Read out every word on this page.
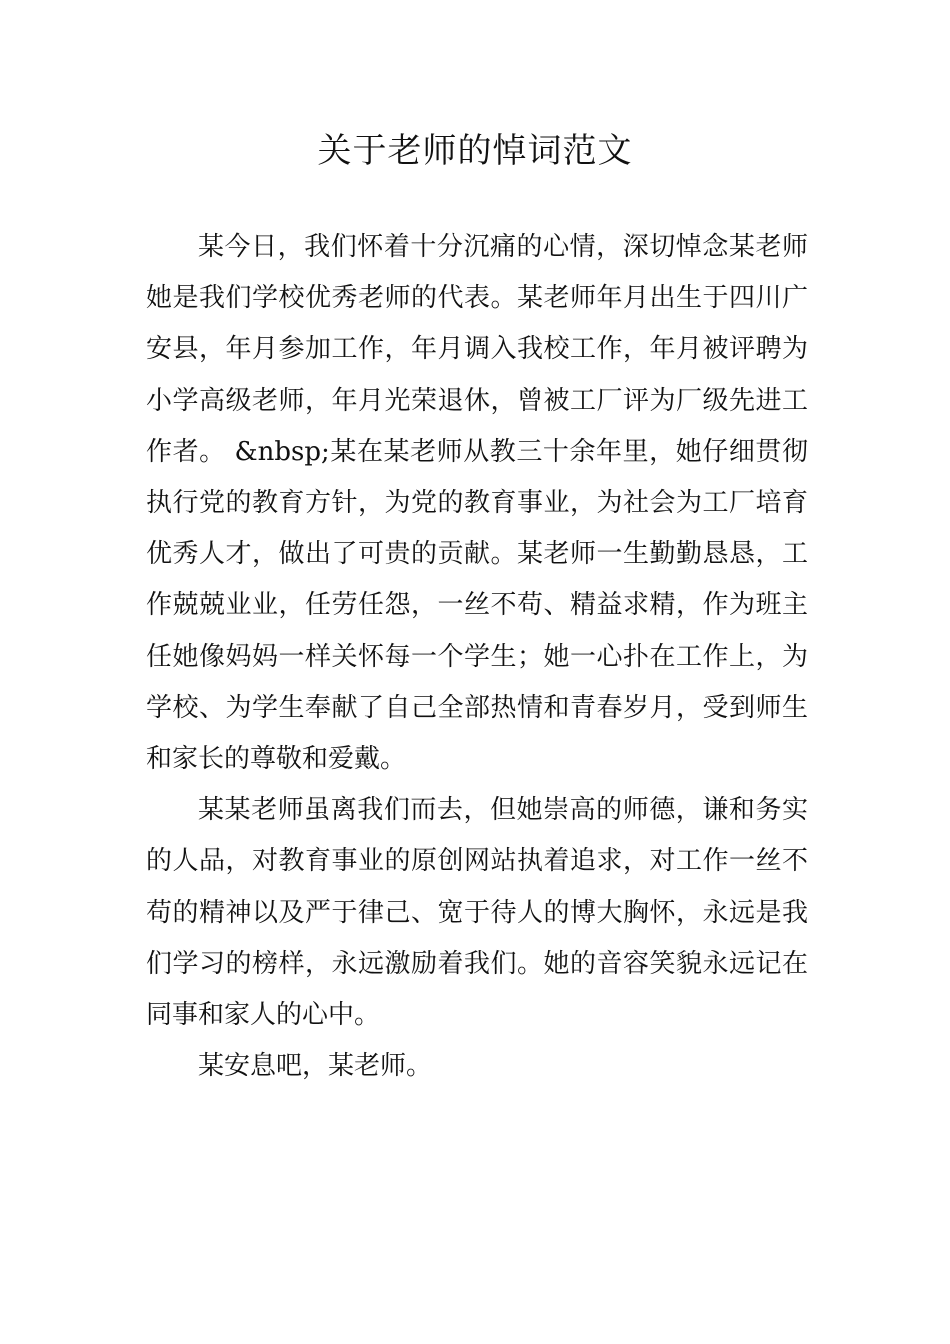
关于老师的悼词范文

某今日，我们怀着十分沉痛的心情，深切悼念某老师她是我们学校优秀老师的代表。某老师年月出生于四川广安县，年月参加工作，年月调入我校工作，年月被评聘为小学高级老师，年月光荣退休，曾被工厂评为厂级先进工作者。 &nbsp;某在某老师从教三十余年里，她仔细贯彻执行党的教育方针，为党的教育事业，为社会为工厂培育优秀人才，做出了可贵的贡献。某老师一生勤勤恳恳，工作兢兢业业，任劳任怨，一丝不苟、精益求精，作为班主任她像妈妈一样关怀每一个学生；她一心扑在工作上，为学校、为学生奉献了自己全部热情和青春岁月，受到师生和家长的尊敬和爱戴。

某某老师虽离我们而去，但她崇高的师德，谦和务实的人品，对教育事业的原创网站执着追求，对工作一丝不苟的精神以及严于律己、宽于待人的博大胸怀，永远是我们学习的榜样，永远激励着我们。她的音容笑貌永远记在同事和家人的心中。

某安息吧，某老师。
